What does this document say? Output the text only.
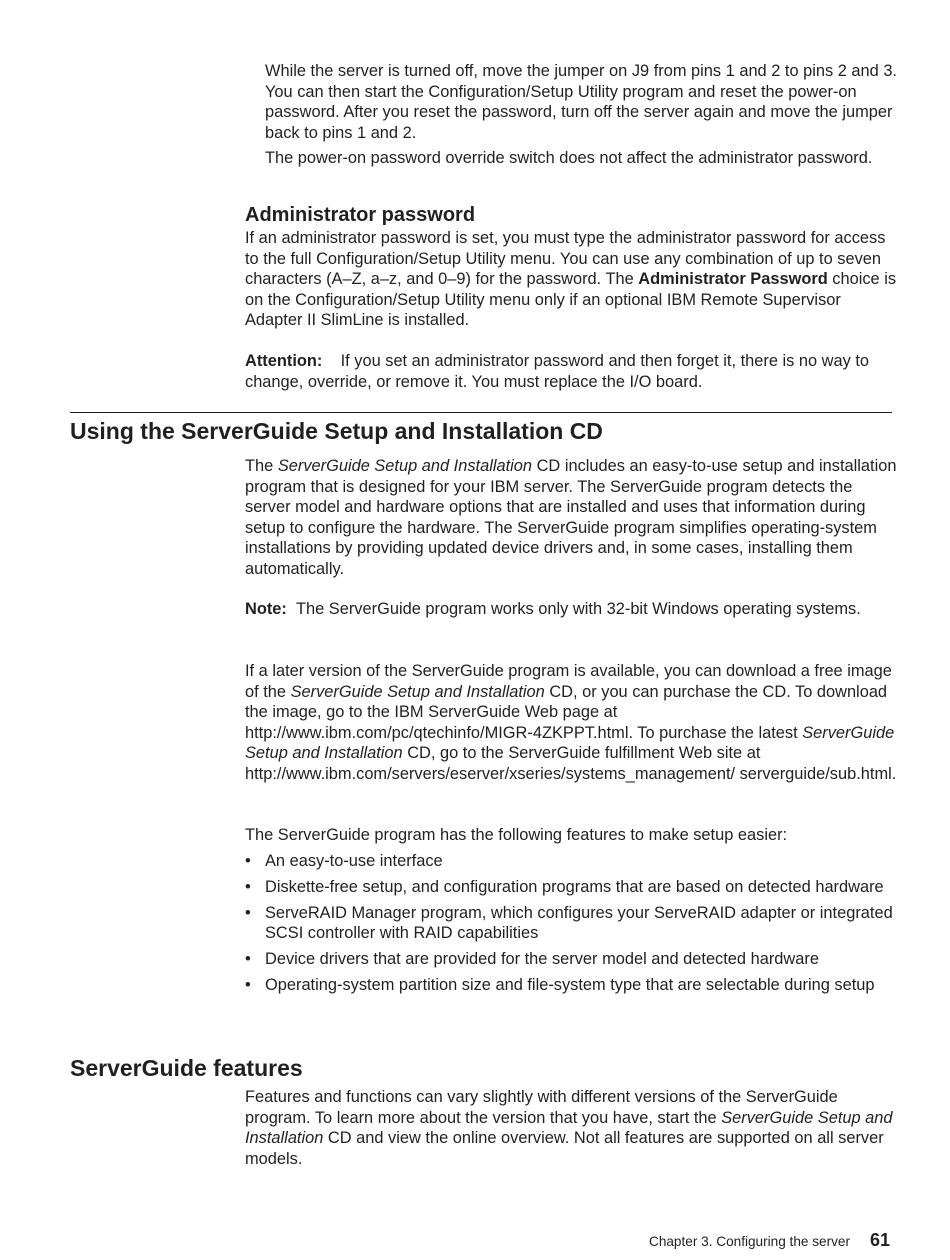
While the server is turned off, move the jumper on J9 from pins 1 and 2 to pins 2 and 3. You can then start the Configuration/Setup Utility program and reset the power-on password. After you reset the password, turn off the server again and move the jumper back to pins 1 and 2.

The power-on password override switch does not affect the administrator password.

Administrator password

If an administrator password is set, you must type the administrator password for access to the full Configuration/Setup Utility menu. You can use any combination of up to seven characters (A–Z, a–z, and 0–9) for the password. The Administrator Password choice is on the Configuration/Setup Utility menu only if an optional IBM Remote Supervisor Adapter II SlimLine is installed.

Attention: If you set an administrator password and then forget it, there is no way to change, override, or remove it. You must replace the I/O board.

Using the ServerGuide Setup and Installation CD

The ServerGuide Setup and Installation CD includes an easy-to-use setup and installation program that is designed for your IBM server. The ServerGuide program detects the server model and hardware options that are installed and uses that information during setup to configure the hardware. The ServerGuide program simplifies operating-system installations by providing updated device drivers and, in some cases, installing them automatically.

Note: The ServerGuide program works only with 32-bit Windows operating systems.

If a later version of the ServerGuide program is available, you can download a free image of the ServerGuide Setup and Installation CD, or you can purchase the CD. To download the image, go to the IBM ServerGuide Web page at http://www.ibm.com/pc/qtechinfo/MIGR-4ZKPPT.html. To purchase the latest ServerGuide Setup and Installation CD, go to the ServerGuide fulfillment Web site at http://www.ibm.com/servers/eserver/xseries/systems_management/ serverguide/sub.html.

The ServerGuide program has the following features to make setup easier:

• An easy-to-use interface
• Diskette-free setup, and configuration programs that are based on detected hardware
• ServeRAID Manager program, which configures your ServeRAID adapter or integrated SCSI controller with RAID capabilities
• Device drivers that are provided for the server model and detected hardware
• Operating-system partition size and file-system type that are selectable during setup
ServerGuide features

Features and functions can vary slightly with different versions of the ServerGuide program. To learn more about the version that you have, start the ServerGuide Setup and Installation CD and view the online overview. Not all features are supported on all server models.

Chapter 3. Configuring the server 61
